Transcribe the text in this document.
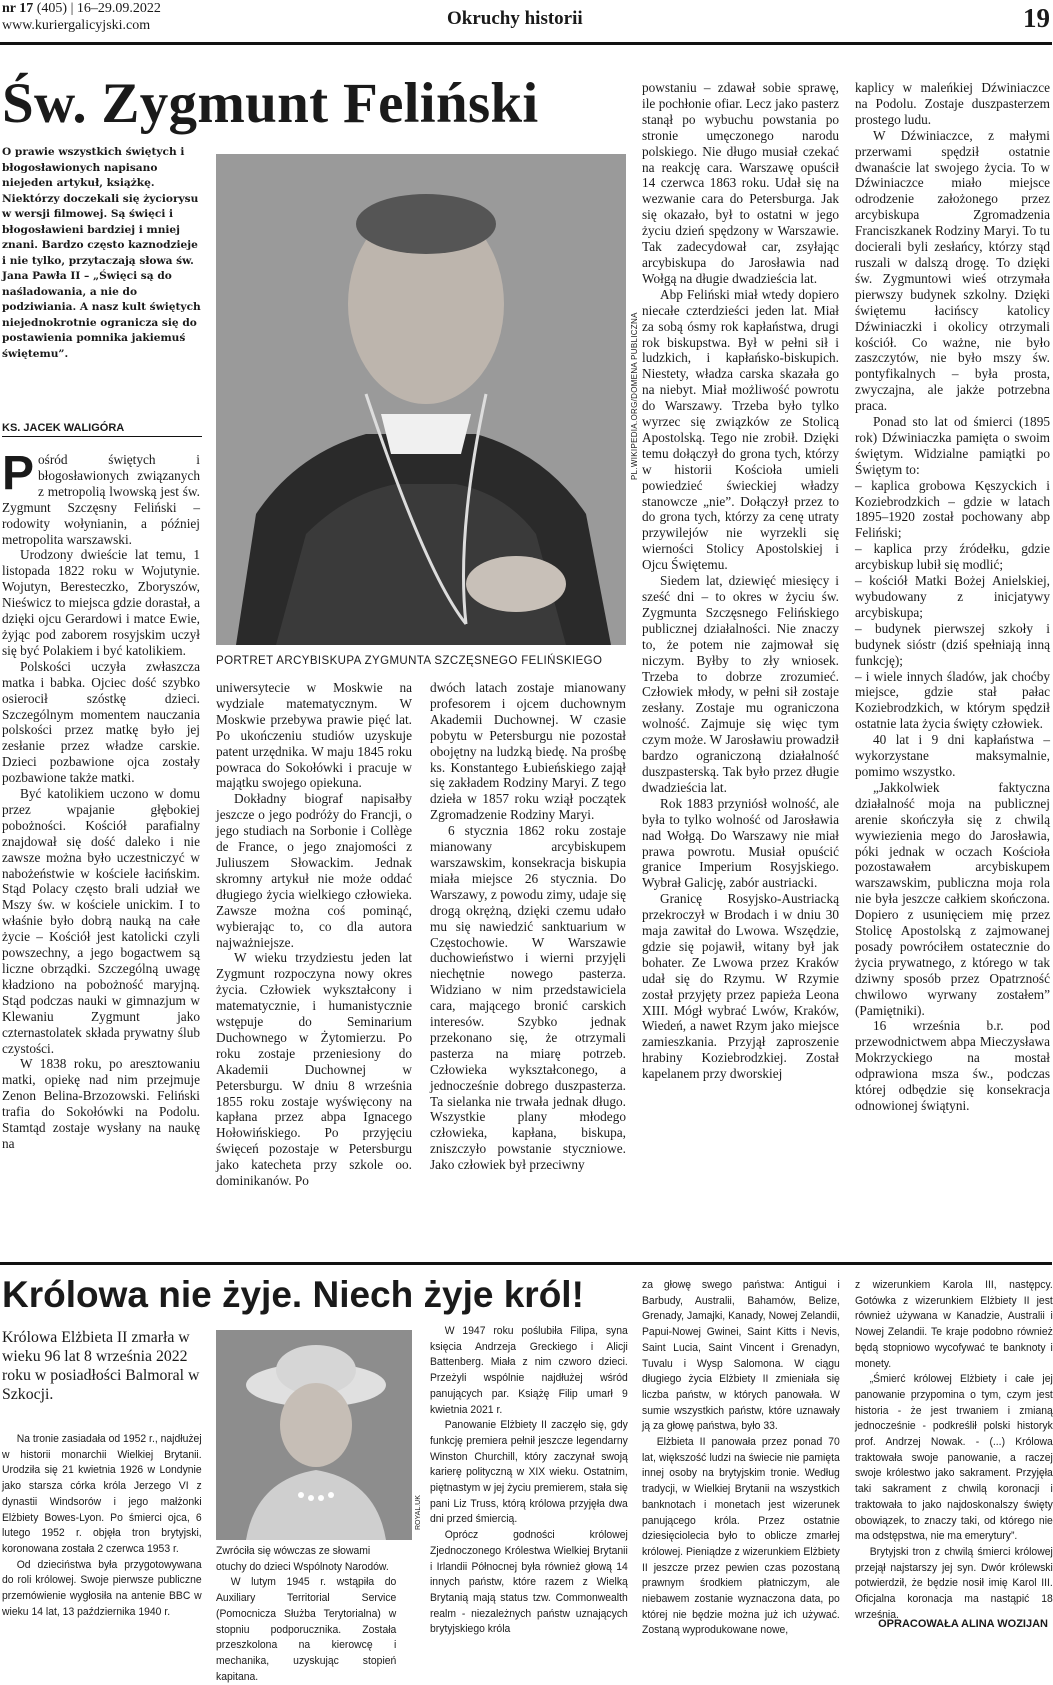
nr 17 (405) | 16–29.09.2022
www.kuriergalicyjski.com	Okruchy historii	19
Św. Zygmunt Feliński
O prawie wszystkich świętych i błogosławionych napisano niejeden artykuł, książkę. Niektórzy doczekali się życiorysu w wersji filmowej. Są święci i błogosławieni bardziej i mniej znani. Bardzo często kaznodzieje i nie tylko, przytaczają słowa św. Jana Pawła II – „Święci są do naśladowania, a nie do podziwiania. A nasz kult świętych niejednokrotnie ogranicza się do postawienia pomnika jakiemuś świętemu”.
KS. JACEK WALIGÓRA

Pośród świętych i błogosławionych związanych z metropolią lwowską jest św. Zygmunt Szczęsny Feliński – rodowity wołynianin, a później metropolita warszawski.

Urodzony dwieście lat temu, 1 listopada 1822 roku w Wojutynie. Wojutyn, Beresteczko, Zboryszów, Nieświcz to miejsca gdzie dorastał, a dzięki ojcu Gerardowi i matce Ewie, żyjąc pod zaborem rosyjskim uczył się być Polakiem i być katolikiem.

Polskości uczyła zwłaszcza matka i babka. Ojciec dość szybko osierocił szóstkę dzieci. Szczególnym momentem nauczania polskości przez matkę było jej zesłanie przez władze carskie. Dzieci pozbawione ojca zostały pozbawione także matki.

Być katolikiem uczono w domu przez wpajanie głębokiej pobożności. Kościół parafialny znajdował się dość daleko i nie zawsze można było uczestniczyć w nabożeństwie w kościele łacińskim. Stąd Polacy często brali udział we Mszy św. w kościele unickim. I to właśnie było dobrą nauką na całe życie – Kościół jest katolicki czyli powszechny, a jego bogactwem są liczne obrządki. Szczególną uwagę kładziono na pobożność maryjną. Stąd podczas nauki w gimnazjum w Klewaniu Zygmunt jako czternastolatek składa prywatny ślub czystości.

W 1838 roku, po aresztowaniu matki, opiekę nad nim przejmuje Zenon Belina-Brzozowski. Feliński trafia do Sokołówki na Podolu. Stamtąd zostaje wysłany na naukę na

PL.WIKIPEDIA.ORG/DOMENA PUBLICZNA
PORTRET ARCYBISKUPA ZYGMUNTA SZCZĘSNEGO FELIŃSKIEGO

uniwersytecie w Moskwie na wydziale matematycznym. W Moskwie przebywa prawie pięć lat. Po ukończeniu studiów uzyskuje patent urzędnika. W maju 1845 roku powraca do Sokołówki i pracuje w majątku swojego opiekuna.

Dokładny biograf napisałby jeszcze o jego podróży do Francji, o jego studiach na Sorbonie i Collège de France, o jego znajomości z Juliuszem Słowackim. Jednak skromny artykuł nie może oddać długiego życia wielkiego człowieka. Zawsze można coś pominąć, wybierając to, co dla autora najważniejsze.

W wieku trzydziestu jeden lat Zygmunt rozpoczyna nowy okres życia. Człowiek wykształcony i matematycznie, i humanistycznie wstępuje do Seminarium Duchownego w Żytomierzu. Po roku zostaje przeniesiony do Akademii Duchownej w Petersburgu. W dniu 8 września 1855 roku zostaje wyświęcony na kapłana przez abpa Ignacego Hołowińskiego. Po przyjęciu święceń pozostaje w Petersburgu jako katecheta przy szkole oo. dominikanów. Po

dwóch latach zostaje mianowany profesorem i ojcem duchownym Akademii Duchownej. W czasie pobytu w Petersburgu nie pozostał obojętny na ludzką biedę. Na prośbę ks. Konstantego Łubieńskiego zajął się zakładem Rodziny Maryi. Z tego dzieła w 1857 roku wziął początek Zgromadzenie Rodziny Maryi.

6 stycznia 1862 roku zostaje mianowany arcybiskupem warszawskim, konsekracja biskupia miała miejsce 26 stycznia. Do Warszawy, z powodu zimy, udaje się drogą okrężną, dzięki czemu udało mu się nawiedzić sanktuarium w Częstochowie. W Warszawie duchowieństwo i wierni przyjęli niechętnie nowego pasterza. Widziano w nim przedstawiciela cara, mającego bronić carskich interesów. Szybko jednak przekonano się, że otrzymali pasterza na miarę potrzeb. Człowieka wykształconego, a jednocześnie dobrego duszpasterza. Ta sielanka nie trwała jednak długo. Wszystkie plany młodego człowieka, kapłana, biskupa, zniszczyło powstanie styczniowe. Jako człowiek był przeciwny

powstaniu – zdawał sobie sprawę, ile pochłonie ofiar. Lecz jako pasterz stanął po wybuchu powstania po stronie umęczonego narodu polskiego. Nie długo musiał czekać na reakcję cara. Warszawę opuścił 14 czerwca 1863 roku. Udał się na wezwanie cara do Petersburga. Jak się okazało, był to ostatni w jego życiu dzień spędzony w Warszawie. Tak zadecydował car, zsyłając arcybiskupa do Jarosławia nad Wołgą na długie dwadzieścia lat.

Abp Feliński miał wtedy dopiero niecałe czterdzieści jeden lat. Miał za sobą ósmy rok kapłaństwa, drugi rok biskupstwa. Był w pełni sił i ludzkich, i kapłańsko-biskupich. Niestety, władza carska skazała go na niebyt. Miał możliwość powrotu do Warszawy. Trzeba było tylko wyrzec się związków ze Stolicą Apostolską. Tego nie zrobił. Dzięki temu dołączył do grona tych, którzy w historii Kościoła umieli powiedzieć świeckiej władzy stanowcze „nie”. Dołączył przez to do grona tych, którzy za cenę utraty przywilejów nie wyrzekli się wierności Stolicy Apostolskiej i Ojcu Świętemu.

Siedem lat, dziewięć miesięcy i sześć dni – to okres w życiu św. Zygmunta Szczęsnego Felińskiego publicznej działalności. Nie znaczy to, że potem nie zajmował się niczym. Byłby to zły wniosek. Trzeba to dobrze zrozumieć. Człowiek młody, w pełni sił zostaje zesłany. Zostaje mu ograniczona wolność. Zajmuje się więc tym czym może. W Jarosławiu prowadził bardzo ograniczoną działalność duszpasterską. Tak było przez długie dwadzieścia lat.

Rok 1883 przyniósł wolność, ale była to tylko wolność od Jarosławia nad Wołgą. Do Warszawy nie miał prawa powrotu. Musiał opuścić granice Imperium Rosyjskiego. Wybrał Galicję, zabór austriacki.

Granicę Rosyjsko-Austriacką przekroczył w Brodach i w dniu 30 maja zawitał do Lwowa. Wszędzie, gdzie się pojawił, witany był jak bohater. Ze Lwowa przez Kraków udał się do Rzymu. W Rzymie został przyjęty przez papieża Leona XIII. Mógł wybrać Lwów, Kraków, Wiedeń, a nawet Rzym jako miejsce zamieszkania. Przyjął zaproszenie hrabiny Koziebrodzkiej. Został kapelanem przy dworskiej

kaplicy w maleńkiej Dźwiniaczce na Podolu. Zostaje duszpasterzem prostego ludu.

W Dźwiniaczce, z małymi przerwami spędził ostatnie dwanaście lat swojego życia. To w Dźwiniaczce miało miejsce odrodzenie założonego przez arcybiskupa Zgromadzenia Franciszkanek Rodziny Maryi. To tu docierali byli zesłańcy, którzy stąd ruszali w dalszą drogę. To dzięki św. Zygmuntowi wieś otrzymała pierwszy budynek szkolny. Dzięki świętemu łacińscy katolicy Dźwiniaczki i okolicy otrzymali kościół. Co ważne, nie było zaszczytów, nie było mszy św. pontyfikalnych – była prosta, zwyczajna, ale jakże potrzebna praca.

Ponad sto lat od śmierci (1895 rok) Dźwiniaczka pamięta o swoim świętym. Widzialne pamiątki po Świętym to:

– kaplica grobowa Kęszyckich i Koziebrodzkich – gdzie w latach 1895–1920 został pochowany abp Feliński;

– kaplica przy źródełku, gdzie arcybiskup lubił się modlić;

– kościół Matki Bożej Anielskiej, wybudowany z inicjatywy arcybiskupa;

– budynek pierwszej szkoły i budynek sióstr (dziś spełniają inną funkcję);

– i wiele innych śladów, jak choćby miejsce, gdzie stał pałac Koziebrodzkich, w którym spędził ostatnie lata życia święty człowiek.

40 lat i 9 dni kapłaństwa – wykorzystane maksymalnie, pomimo wszystko.

„Jakkolwiek faktyczna działalność moja na publicznej arenie skończyła się z chwilą wywiezienia mego do Jarosławia, póki jednak w oczach Kościoła pozostawałem arcybiskupem warszawskim, publiczna moja rola nie była jeszcze całkiem skończona. Dopiero z usunięciem mię przez Stolicę Apostolską z zajmowanej posady powróciłem ostatecznie do życia prywatnego, z którego w tak dziwny sposób przez Opatrzność chwilowo wyrwany zostałem” (Pamiętniki).

16 września b.r. pod przewodnictwem abpa Mieczysława Mokrzyckiego na mostał odprawiona msza św., podczas której odbędzie się konsekracja odnowionej świątyni.

Królowa nie żyje. Niech żyje król!
Królowa Elżbieta II zmarła w wieku 96 lat 8 września 2022 roku w posiadłości Balmoral w Szkocji.

Na tronie zasiadała od 1952 r., najdłużej w historii monarchii Wielkiej Brytanii. Urodziła się 21 kwietnia 1926 w Londynie jako starsza córka króla Jerzego VI z dynastii Windsorów i jego małżonki Elżbiety Bowes-Lyon. Po śmierci ojca, 6 lutego 1952 r. objęła tron brytyjski, koronowana została 2 czerwca 1953 r.

Od dzieciństwa była przygotowywana do roli królowej. Swoje pierwsze publiczne przemówienie wygłosiła na antenie BBC w wieku 14 lat, 13 października 1940 r.

ROYAL.UK
Zwróciła się wówczas ze słowami otuchy do dzieci Wspólnoty Narodów.
W lutym 1945 r. wstąpiła do Auxiliary Territorial Service (Pomocnicza Służba Terytorialna) w stopniu podporucznika. Została przeszkolona na kierowcę i mechanika, uzyskując stopień kapitana.

W 1947 roku poślubiła Filipa, syna księcia Andrzeja Greckiego i Alicji Battenberg. Miała z nim czworo dzieci. Przeżyli wspólnie najdłużej wśród panujących par. Książę Filip umarł 9 kwietnia 2021 r.

Panowanie Elżbiety II zaczęło się, gdy funkcję premiera pełnił jeszcze legendarny Winston Churchill, który zaczynał swoją karierę polityczną w XIX wieku. Ostatnim, piętnastym w jej życiu premierem, stała się pani Liz Truss, którą królowa przyjęła dwa dni przed śmiercią.

Oprócz godności królowej Zjednoczonego Królestwa Wielkiej Brytanii i Irlandii Północnej była również głową 14 innych państw, które razem z Wielką Brytanią mają status tzw. Commonwealth realm - niezależnych państw uznających brytyjskiego króla

za głowę swego państwa: Antigui i Barbudy, Australii, Bahamów, Belize, Grenady, Jamajki, Kanady, Nowej Zelandii, Papui-Nowej Gwinei, Saint Kitts i Nevis, Saint Lucia, Saint Vincent i Grenadyn, Tuvalu i Wysp Salomona. W ciągu długiego życia Elżbiety II zmieniała się liczba państw, w których panowała. W sumie wszystkich państw, które uznawały ją za głowę państwa, było 33.

Elżbieta II panowała przez ponad 70 lat, większość ludzi na świecie nie pamięta innej osoby na brytyjskim tronie. Według tradycji, w Wielkiej Brytanii na wszystkich banknotach i monetach jest wizerunek panującego króla. Przez ostatnie dziesięciolecia było to oblicze zmarłej królowej. Pieniądze z wizerunkiem Elżbiety II jeszcze przez pewien czas pozostaną prawnym środkiem płatniczym, ale niebawem zostanie wyznaczona data, po której nie będzie można już ich używać. Zostaną wyprodukowane nowe,

z wizerunkiem Karola III, następcy. Gotówka z wizerunkiem Elżbiety II jest również używana w Kanadzie, Australii i Nowej Zelandii. Te kraje podobno również będą stopniowo wycofywać te banknoty i monety.

„Śmierć królowej Elżbiety i całe jej panowanie przypomina o tym, czym jest historia - że jest trwaniem i zmianą jednocześnie - podkreślił polski historyk prof. Andrzej Nowak. - (...) Królowa traktowała swoje panowanie, a raczej swoje królestwo jako sakrament. Przyjęła taki sakrament z chwilą koronacji i traktowała to jako najdoskonalszy święty obowiązek, to znaczy taki, od którego nie ma odstępstwa, nie ma emerytury”.

Brytyjski tron z chwilą śmierci królowej przejął najstarszy jej syn. Dwór królewski potwierdził, że będzie nosił imię Karol III. Oficjalna koronacja ma nastąpić 18 września.

OPRACOWAŁA ALINA WOZIJAN
